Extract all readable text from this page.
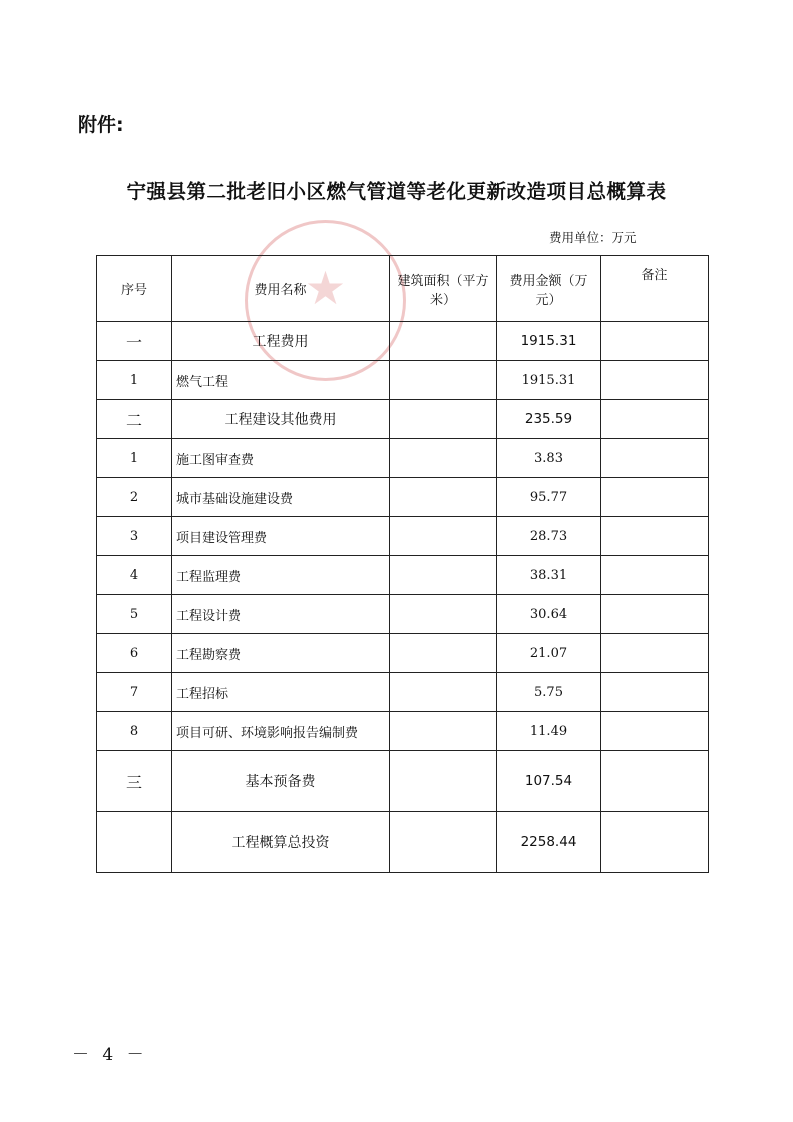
附件:
宁强县第二批老旧小区燃气管道等老化更新改造项目总概算表
费用单位：万元
★
序号	费用名称	建筑面积（平方米）	费用金额（万元）	备注
一	工程费用		1915.31	
1	燃气工程		1915.31	
二	工程建设其他费用		235.59	
1	施工图审查费		3.83	
2	城市基础设施建设费		95.77	
3	项目建设管理费		28.73	
4	工程监理费		38.31	
5	工程设计费		30.64	
6	工程勘察费		21.07	
7	工程招标		5.75	
8	项目可研、环境影响报告编制费		11.49	
三	基本预备费		107.54	
	工程概算总投资		2258.44	
－ 4 －
